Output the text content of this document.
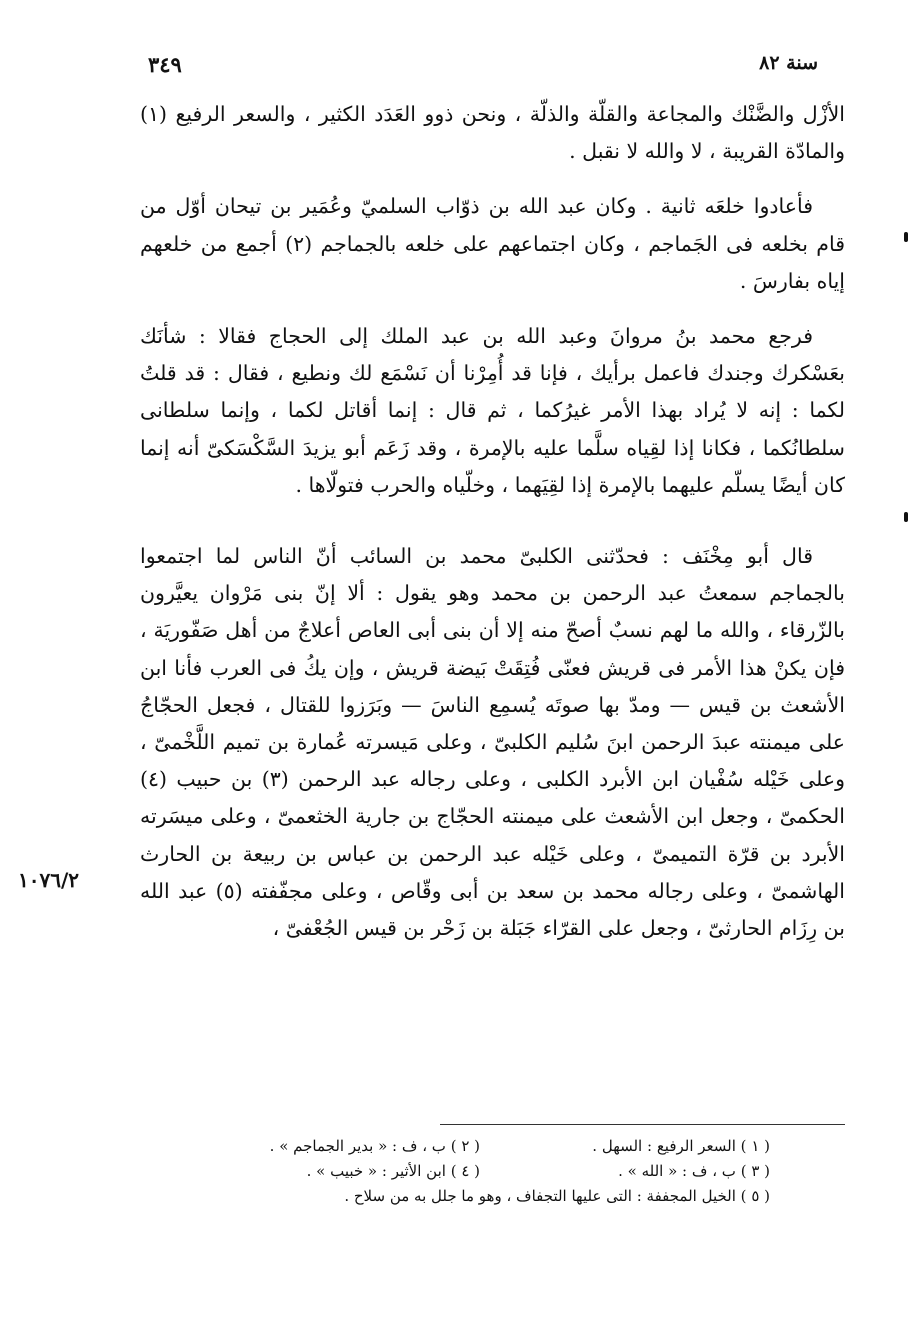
سنة ٨٢
٣٤٩

الأزْل والضَّنْك والمجاعة والقلّة والذلّة ، ونحن ذوو العَدَد الكثير ، والسعر الرفيع (١) والمادّة القريبة ، لا والله لا نقبل .

فأعادوا خلعَه ثانية . وكان عبد الله بن ذوّاب السلميّ وعُمَير بن تيحان أوّل من قام بخلعه فى الجَماجم ، وكان اجتماعهم على خلعه بالجماجم (٢) أجمع من خلعهم إياه بفارسَ .

فرجع محمد بنُ مروانَ وعبد الله بن عبد الملك إلى الحجاج فقالا : شأنَك بعَسْكرك وجندك فاعمل برأيك ، فإنا قد أُمِرْنا أن نَسْمَع لك ونطيع ، فقال : قد قلتُ لكما : إنه لا يُراد بهذا الأمر غيرُكما ، ثم قال : إنما أقاتل لكما ، وإنما سلطانى سلطانُكما ، فكانا إذا لقِياه سلَّما عليه بالإمرة ، وقد زَعَم أبو يزيدَ السَّكْسَكىّ أنه إنما كان أيضًا يسلّم عليهما بالإمرة إذا لقِيَهما ، وخلّياه والحرب فتولّاها .

قال أبو مِخْنَف : فحدّثنى الكلبىّ محمد بن السائب أنّ الناس لما اجتمعوا بالجماجم سمعتُ عبد الرحمن بن محمد وهو يقول : ألا إنّ بنى مَرْوان يعيَّرون بالزّرقاء ، والله ما لهم نسبٌ أصحّ منه إلا أن بنى أبى العاص أعلاجٌ من أهل صَفّوريَة ، فإن يكنْ هذا الأمر فى قريش فعنّى فُتِقَتْ بَيضة قريش ، وإن يكُ فى العرب فأنا ابن الأشعث بن قيس — ومدّ بها صوتَه يُسمِع الناسَ — وبَرَزوا للقتال ، فجعل الحجّاجُ على ميمنته عبدَ الرحمن ابنَ سُليم الكلبىّ ، وعلى مَيسرته عُمارة بن تميم اللَّخْمىّ ، وعلى خَيْله سُفْيان ابن الأبرد الكلبى ، وعلى رجاله عبد الرحمن (٣) بن حبيب (٤) الحكمىّ ، وجعل ابن الأشعث على ميمنته الحجّاج بن جارية الخثعمىّ ، وعلى ميسَرته الأبرد بن قرّة التميمىّ ، وعلى خَيْله عبد الرحمن بن عباس بن ربيعة بن الحارث الهاشمىّ ، وعلى رجاله محمد بن سعد بن أبى وقّاص ، وعلى مجفّفته (٥) عبد الله بن رِزَام الحارثىّ ، وجعل على القرّاء جَبَلة بن زَحْر بن قيس الجُعْفىّ ،

١٠٧٦/٢
( ١ ) السعر الرفيع : السهل .
( ٢ ) ب ، ف : « بدير الجماجم » .
( ٣ ) ب ، ف : « الله » .
( ٤ ) ابن الأثير : « خبيب » .
( ٥ ) الخيل المجففة : التى عليها التجفاف ، وهو ما جلل به من سلاح .
